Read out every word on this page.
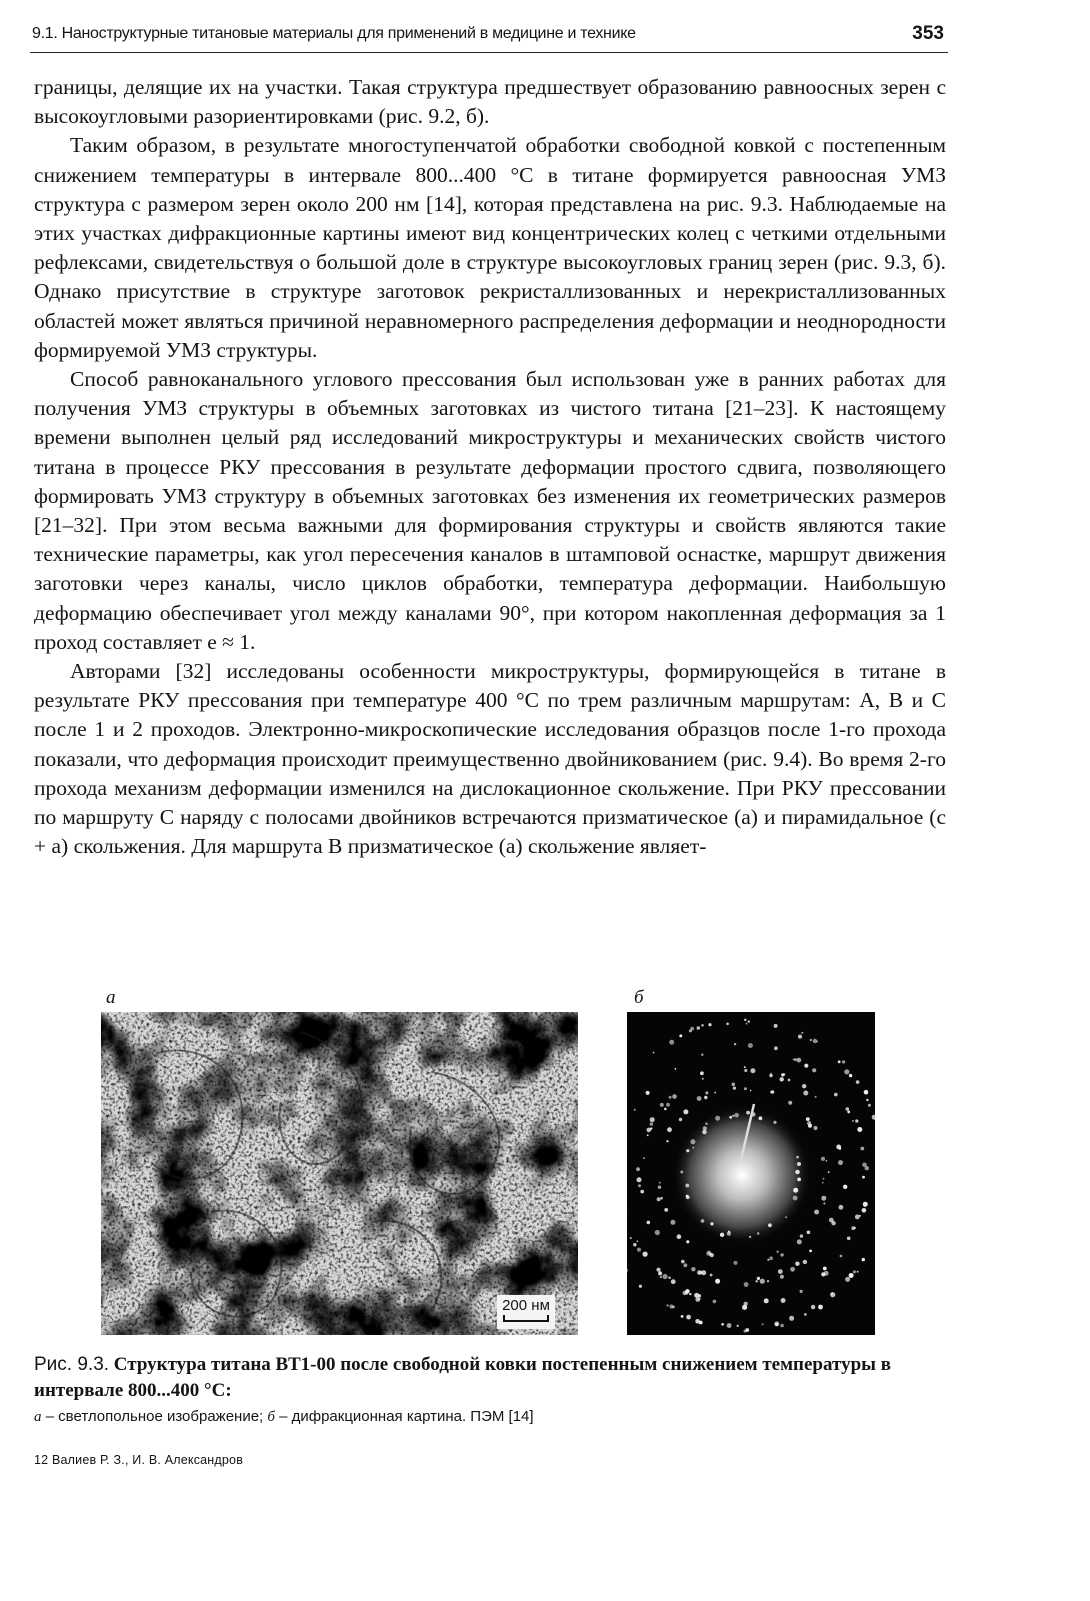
9.1. Наноструктурные титановые материалы для применений в медицине и технике	353

границы, делящие их на участки. Такая структура предшествует образованию равноосных зерен с высокоугловыми разориентировками (рис. 9.2, б).

Таким образом, в результате многоступенчатой обработки свободной ковкой с постепенным снижением температуры в интервале 800...400 °С в титане формируется равноосная УМЗ структура с размером зерен около 200 нм [14], которая представлена на рис. 9.3. Наблюдаемые на этих участках дифракционные картины имеют вид концентрических колец с четкими отдельными рефлексами, свидетельствуя о большой доле в структуре высокоугловых границ зерен (рис. 9.3, б). Однако присутствие в структуре заготовок рекристаллизованных и нерекристаллизованных областей может являться причиной неравномерного распределения деформации и неоднородности формируемой УМЗ структуры.

Способ равноканального углового прессования был использован уже в ранних работах для получения УМЗ структуры в объемных заготовках из чистого титана [21–23]. К настоящему времени выполнен целый ряд исследований микроструктуры и механических свойств чистого титана в процессе РКУ прессования в результате деформации простого сдвига, позволяющего формировать УМЗ структуру в объемных заготовках без изменения их геометрических размеров [21–32]. При этом весьма важными для формирования структуры и свойств являются такие технические параметры, как угол пересечения каналов в штамповой оснастке, маршрут движения заготовки через каналы, число циклов обработки, температура деформации. Наибольшую деформацию обеспечивает угол между каналами 90°, при котором накопленная деформация за 1 проход составляет e ≈ 1.

Авторами [32] исследованы особенности микроструктуры, формирующейся в титане в результате РКУ прессования при температуре 400 °С по трем различным маршрутам: A, B и C после 1 и 2 проходов. Электронно-микроскопические исследования образцов после 1-го прохода показали, что деформация происходит преимущественно двойникованием (рис. 9.4). Во время 2-го прохода механизм деформации изменился на дислокационное скольжение. При РКУ прессовании по маршруту C наряду с полосами двойников встречаются призматическое (a) и пирамидальное (c + a) скольжения. Для маршрута B призматическое (a) скольжение являет-

а	б
200 нм
Рис. 9.3. Структура титана ВТ1-00 после свободной ковки постепенным снижением температуры в интервале 800...400 °С:
а – светлопольное изображение; б – дифракционная картина. ПЭМ [14]
12 Валиев Р. З., И. В. Александров
